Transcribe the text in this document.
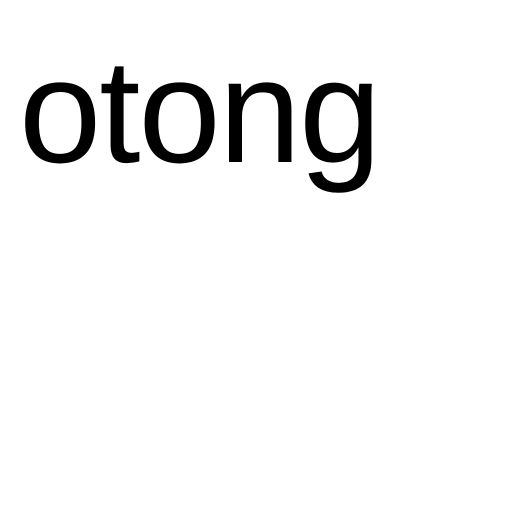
otong
